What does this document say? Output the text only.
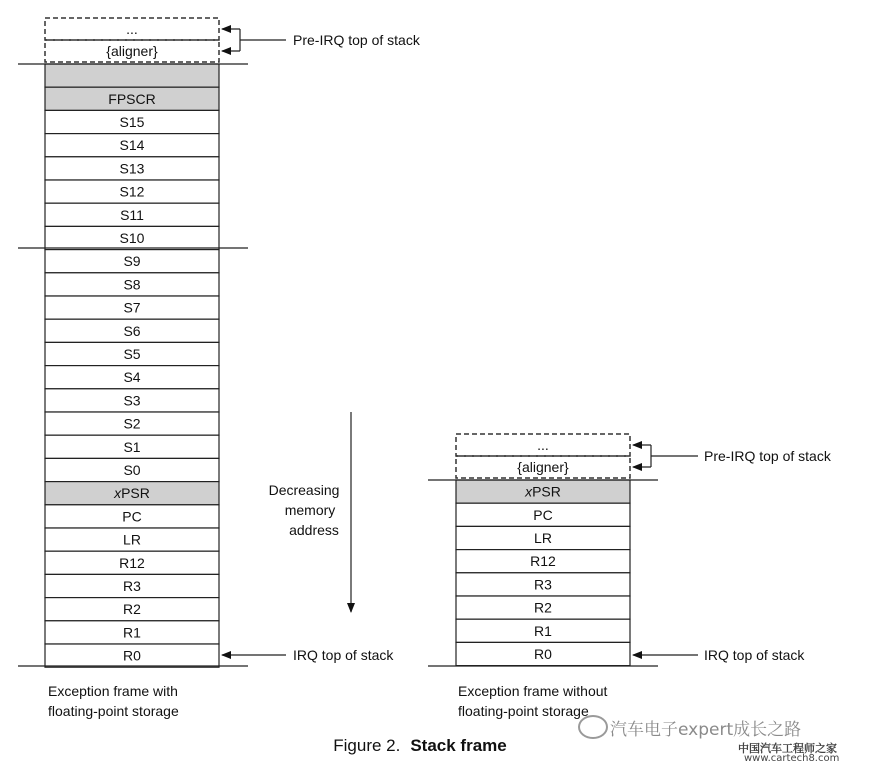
...
{aligner}
FPSCR
S15
S14
S13
S12
S11
S10
S9
S8
S7
S6
S5
S4
S3
S2
S1
S0
xPSR
PC
LR
R12
R3
R2
R1
R0
Pre-IRQ top of stack
IRQ top of stack
Decreasing
memory
address
...
{aligner}
xPSR
PC
LR
R12
R3
R2
R1
R0
Pre-IRQ top of stack
IRQ top of stack
Exception frame with
floating-point storage
Exception frame without
floating-point storage
Figure 2. Stack frame
汽车电子expert成长之路
中国汽车工程师之家
www.cartech8.com
